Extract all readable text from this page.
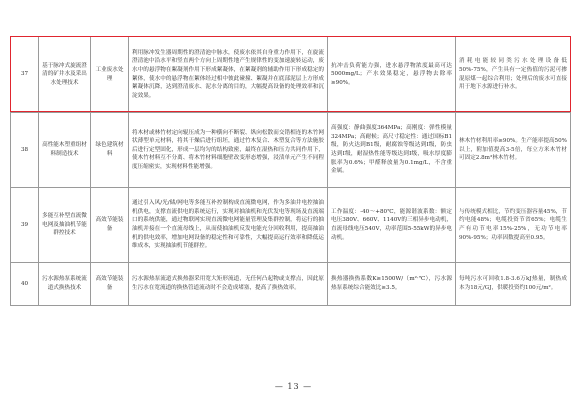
37	基于脉冲式旋流澄清的矿井水及采出水处理技术	工业废水处理	利用脉冲发生器周期性的澄清池中脉水，使废水依其自身重力作用下，在旋流澄清池中沿水平和竖直两个方向上周期性地产生规律性的变加速旋转运动，废水中的悬浮物在絮凝剂作用下形成絮凝体，在絮凝剂的辅助作用下形成稳定的絮体，使水中的悬浮物在絮体经过相中彼此碰撞、絮凝并在底部泥层上方形成絮凝体沉降，达到澄清废水、泥水分离的目的，大幅提高设备的处理效率和沉淀效果。	抗冲击负荷能力强，进水悬浮物浓度最高可达5000mg/L；产水效果稳定，悬浮物去除率≥90%。	消耗电能较同类污水处理设备低50%-75%，产生具有一定热值的污泥可掺混原煤一起综合利用；处理后的废水可直接用于地下水源进行补水。
38	高性能木塑重组材料制造技术	绿色建筑材料	将木材或林竹材定向辊压成为一种横向不断裂、纵向松散而交错相连的木竹网状薄型单元材料，将其干燥后进行组坯，通过竹木复合、木塑复合等方法施胶后进行定型固化，形成一层均匀的结构致密，最终在湿热和压力共同作用下，使木竹材料互不分离、将木竹材料细胞壁改变形态增强，浸渍单元产生不同程度压缩密实，实现材料性能增强。	高强度：静曲强度364MPa；高刚度：弹性模量324MPa；高耐候；高尺寸稳定性：通过国标B1级，防火达到B1级，耐腐蚀等级达到Ⅰ级，防虫达到Ⅰ级，耐湿热性能等级达到Ⅰ级，吸水厚度膨胀率为0.6%；甲醛释放量为0.1mg/L，不含重金属。	林木竹材利用率≥90%。生产能率提高50%以上，附加值提高3-5倍，每立方米木竹材可固定2.8m³林木竹材。
39	多能互补型直流微电网及抽油机节能群控技术	高效节能装备	通过引入风/光/储/网电等多能互补控制构成直流微电网，作为多油井电控抽油机供电，支撑直流供电的系统运行，实现对抽油机和光伏发电等现场及直流端口的系统供能，通过物联网实现直流微电网能量管理及集群控制，将运行的抽油机并接在一个直流母线上，从而使抽油机反发电能充分回收利用，提高抽油机的供电效率，增加电网设备的稳定性和可靠性，大幅提高运行效率和降低运维成本，实现抽油机节能群控。	工作温度：-40～+80℃，能源谐波系数：额定电压380V、660V、1140V的三相异步电动机，直流母线电压540V，功率范围5-55kW的异步电动机。	与传统模式相比，节约变压器容量45%，节约电能48%；电缆投资节省65%；电缆生产有功节电率15%-25%，无功节电率90%-95%；功率因数提高至0.95。
40	污水源热泵系统流道式换热技术	高效节能装备	污水源热泵流道式换热器采用宽大矩形流道，无任何凸起物或支撑点，因此原生污水在宽流道的换热管道流动时不会造成堵塞，提高了换热效率。	换热器换热系数K≥1500W/（m²·℃），污水源热泵系统综合能效比≥3.5。	每吨污水可回收1.8-3.6万kJ热量，制热成本为18元/GJ，供暖投资约100元/m²。
— 13 —
